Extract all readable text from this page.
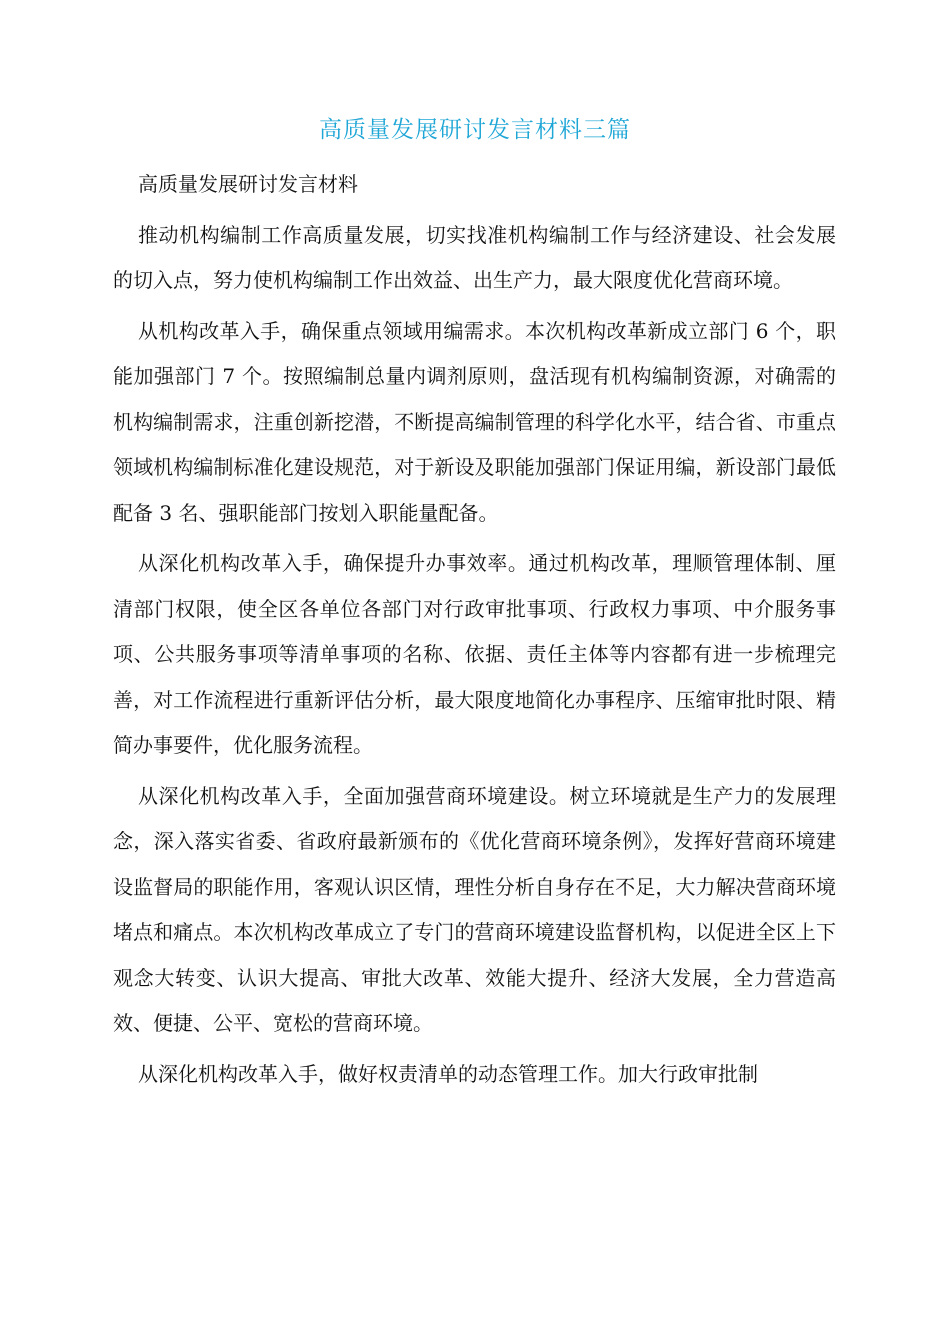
高质量发展研讨发言材料三篇

高质量发展研讨发言材料

推动机构编制工作高质量发展，切实找准机构编制工作与经济建设、社会发展的切入点，努力使机构编制工作出效益、出生产力，最大限度优化营商环境。

从机构改革入手，确保重点领域用编需求。本次机构改革新成立部门 6 个，职能加强部门 7 个。按照编制总量内调剂原则，盘活现有机构编制资源，对确需的机构编制需求，注重创新挖潜，不断提高编制管理的科学化水平，结合省、市重点领域机构编制标准化建设规范，对于新设及职能加强部门保证用编，新设部门最低配备 3 名、强职能部门按划入职能量配备。

从深化机构改革入手，确保提升办事效率。通过机构改革，理顺管理体制、厘清部门权限，使全区各单位各部门对行政审批事项、行政权力事项、中介服务事项、公共服务事项等清单事项的名称、依据、责任主体等内容都有进一步梳理完善，对工作流程进行重新评估分析，最大限度地简化办事程序、压缩审批时限、精简办事要件，优化服务流程。

从深化机构改革入手，全面加强营商环境建设。树立环境就是生产力的发展理念，深入落实省委、省政府最新颁布的《优化营商环境条例》，发挥好营商环境建设监督局的职能作用，客观认识区情，理性分析自身存在不足，大力解决营商环境堵点和痛点。本次机构改革成立了专门的营商环境建设监督机构，以促进全区上下观念大转变、认识大提高、审批大改革、效能大提升、经济大发展，全力营造高效、便捷、公平、宽松的营商环境。

从深化机构改革入手，做好权责清单的动态管理工作。加大行政审批制
